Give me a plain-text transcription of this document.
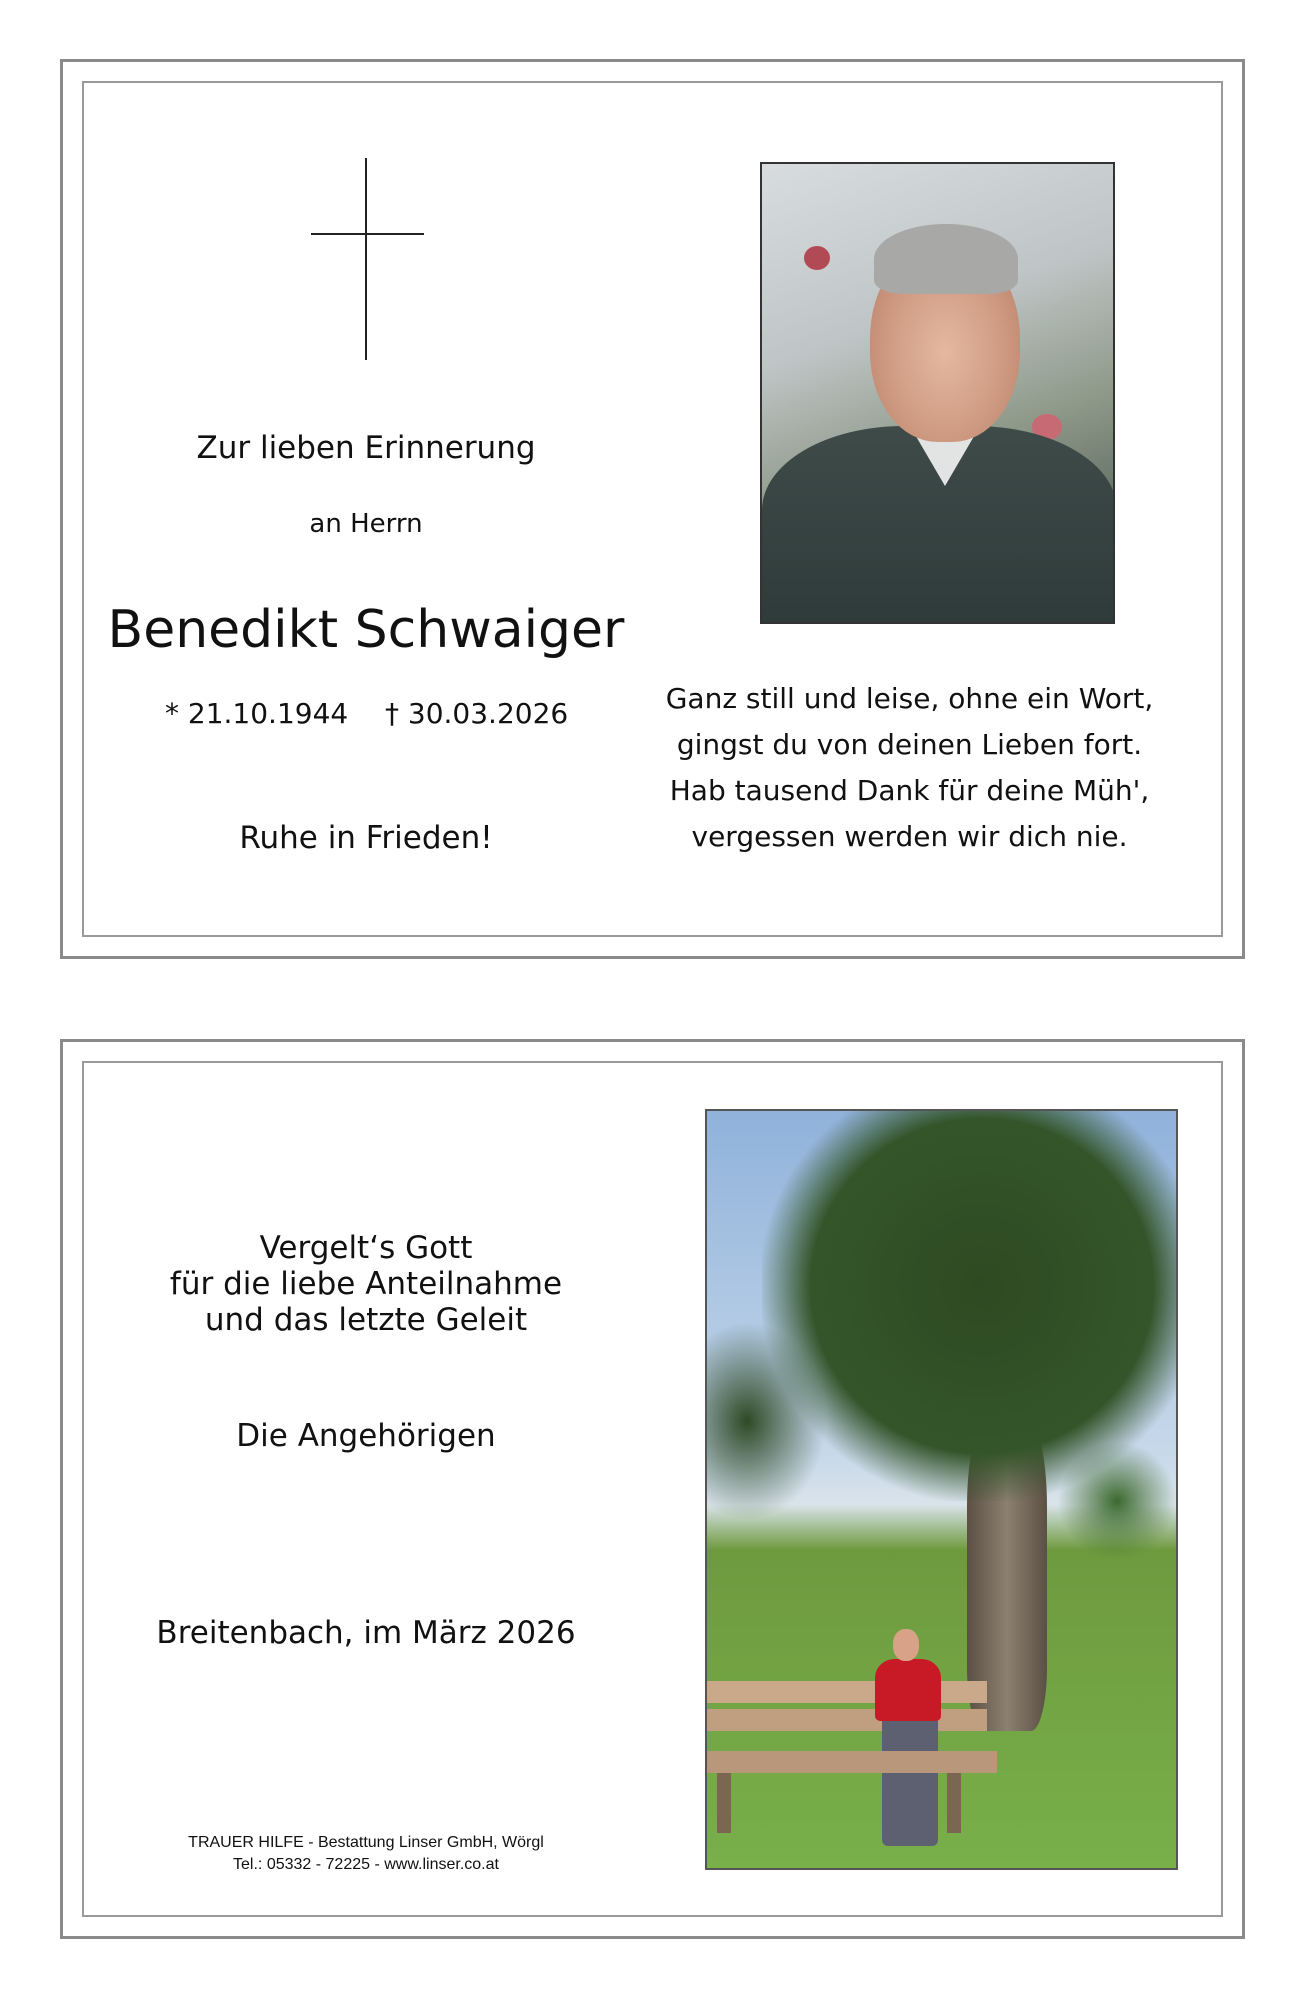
Zur lieben Erinnerung
an Herrn
Benedikt Schwaiger
* 21.10.1944 † 30.03.2026
Ruhe in Frieden!
Ganz still und leise, ohne ein Wort,
gingst du von deinen Lieben fort.
Hab tausend Dank für deine Müh',
vergessen werden wir dich nie.
Vergelt‘s Gott
für die liebe Anteilnahme
und das letzte Geleit
Die Angehörigen
Breitenbach, im März 2026
TRAUER HILFE - Bestattung Linser GmbH, Wörgl
Tel.: 05332 - 72225 - www.linser.co.at
